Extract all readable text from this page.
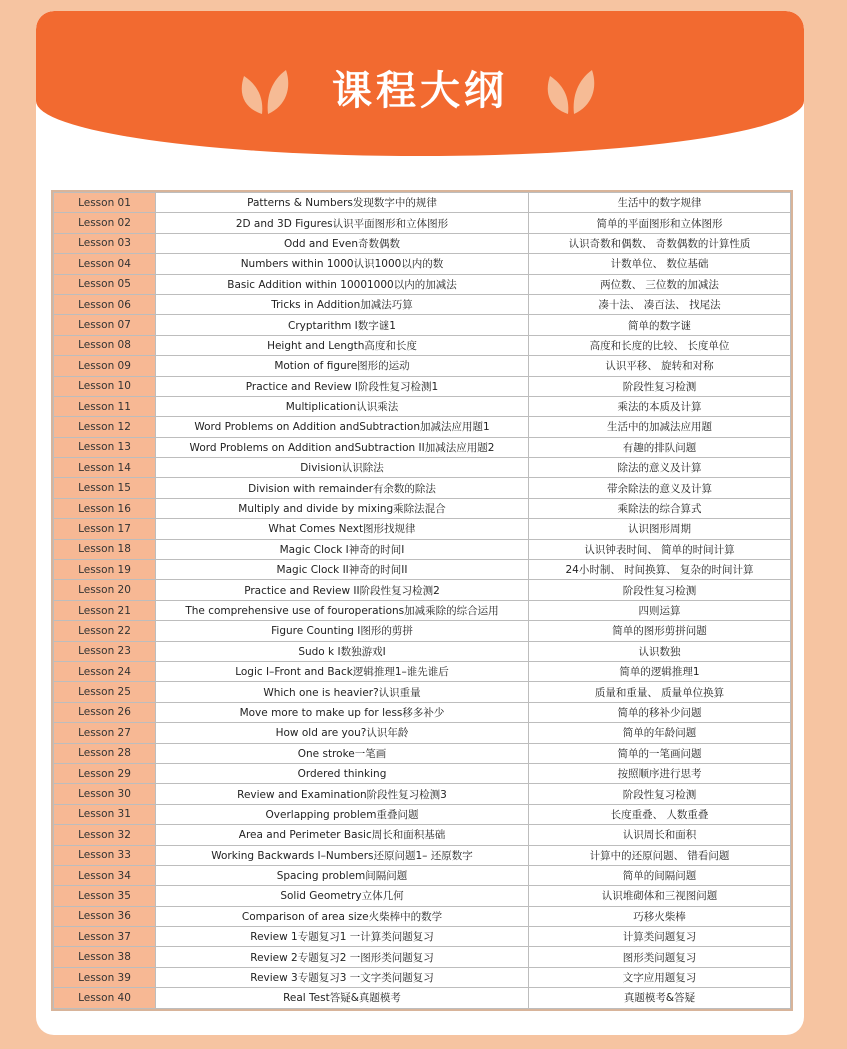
课程大纲
Lesson 01	Patterns & Numbers发现数字中的规律	生活中的数字规律
Lesson 02	2D and 3D Figures认识平面图形和立体图形	简单的平面图形和立体图形
Lesson 03	Odd and Even奇数偶数	认识奇数和偶数、 奇数偶数的计算性质
Lesson 04	Numbers within 1000认识1000以内的数	计数单位、 数位基础
Lesson 05	Basic Addition within 10001000以内的加减法	两位数、 三位数的加减法
Lesson 06	Tricks in Addition加减法巧算	凑十法、 凑百法、 找尾法
Lesson 07	Cryptarithm I数字谜1	简单的数字谜
Lesson 08	Height and Length高度和长度	高度和长度的比较、 长度单位
Lesson 09	Motion of figure图形的运动	认识平移、 旋转和对称
Lesson 10	Practice and Review I阶段性复习检测1	阶段性复习检测
Lesson 11	Multiplication认识乘法	乘法的本质及计算
Lesson 12	Word Problems on Addition andSubtraction加减法应用题1	生活中的加减法应用题
Lesson 13	Word Problems on Addition andSubtraction II加减法应用题2	有趣的排队问题
Lesson 14	Division认识除法	除法的意义及计算
Lesson 15	Division with remainder有余数的除法	带余除法的意义及计算
Lesson 16	Multiply and divide by mixing乘除法混合	乘除法的综合算式
Lesson 17	What Comes Next图形找规律	认识图形周期
Lesson 18	Magic Clock I神奇的时间I	认识钟表时间、 简单的时间计算
Lesson 19	Magic Clock II神奇的时间II	24小时制、 时间换算、 复杂的时间计算
Lesson 20	Practice and Review II阶段性复习检测2	阶段性复习检测
Lesson 21	The comprehensive use of fouroperations加减乘除的综合运用	四则运算
Lesson 22	Figure Counting I图形的剪拼	简单的图形剪拼问题
Lesson 23	Sudo k I数独游戏I	认识数独
Lesson 24	Logic I–Front and Back逻辑推理1–谁先谁后	简单的逻辑推理1
Lesson 25	Which one is heavier?认识重量	质量和重量、 质量单位换算
Lesson 26	Move more to make up for less移多补少	简单的移补少问题
Lesson 27	How old are you?认识年龄	简单的年龄问题
Lesson 28	One stroke一笔画	简单的一笔画问题
Lesson 29	Ordered thinking	按照顺序进行思考
Lesson 30	Review and Examination阶段性复习检测3	阶段性复习检测
Lesson 31	Overlapping problem重叠问题	长度重叠、 人数重叠
Lesson 32	Area and Perimeter Basic周长和面积基础	认识周长和面积
Lesson 33	Working Backwards I–Numbers还原问题1– 还原数字	计算中的还原问题、 错看问题
Lesson 34	Spacing problem间隔问题	简单的间隔问题
Lesson 35	Solid Geometry立体几何	认识堆砌体和三视图问题
Lesson 36	Comparison of area size火柴棒中的数学	巧移火柴棒
Lesson 37	Review 1专题复习1 一计算类问题复习	计算类问题复习
Lesson 38	Review 2专题复习2 一图形类问题复习	图形类问题复习
Lesson 39	Review 3专题复习3 一文字类问题复习	文字应用题复习
Lesson 40	Real Test答疑&真题模考	真题模考&答疑
